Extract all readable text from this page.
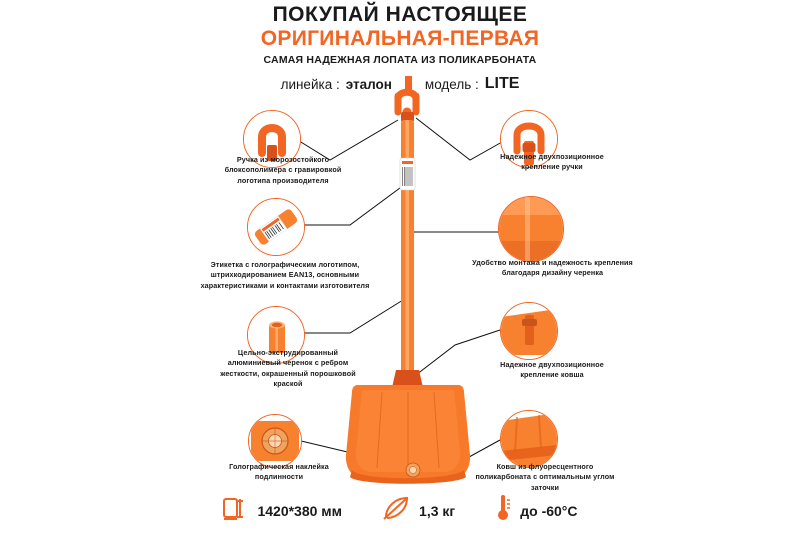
ПОКУПАЙ НАСТОЯЩЕЕ
ОРИГИНАЛЬНАЯ-ПЕРВАЯ
САМАЯ НАДЕЖНАЯ ЛОПАТА ИЗ ПОЛИКАРБОНАТА
линейка : эталон модель : LITE
Ручка из морозостойкого блоксополимера с гравировкой логотипа производителя
Этикетка с голографическим логотипом, штрихкодированием EAN13, основными характеристиками и контактами изготовителя
Цельно-экструдированный алюминиевый черенок с ребром жесткости, окрашенный порошковой краской
Голографическая наклейка подлинности
Надежное двухпозиционное крепление ручки
Удобство монтажа и надежность крепления благодаря дизайну черенка
Надежное двухпозиционное крепление ковша
Ковш из флуоресцентного поликарбоната с оптимальным углом заточки
1420*380 мм	1,3 кг	до -60°C
